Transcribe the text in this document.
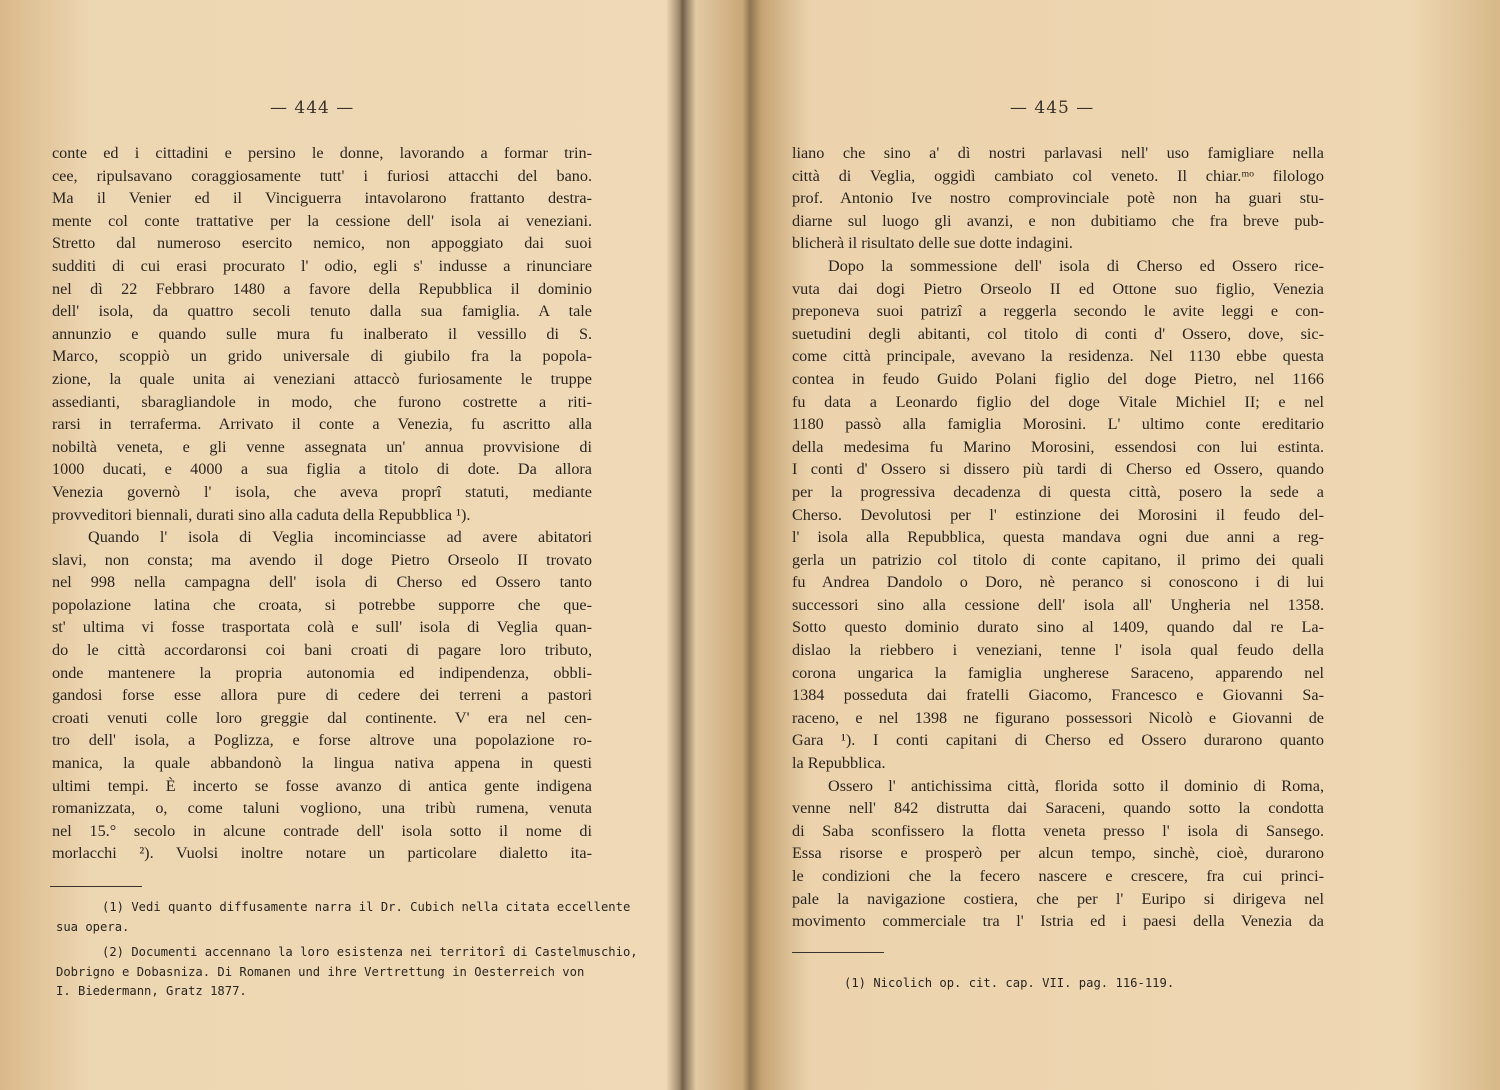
— 444 —
conte ed i cittadini e persino le donne, lavorando a formar trin-
cee, ripulsavano coraggiosamente tutt' i furiosi attacchi del bano.
Ma il Venier ed il Vinciguerra intavolarono frattanto destra-
mente col conte trattative per la cessione dell' isola ai veneziani.
Stretto dal numeroso esercito nemico, non appoggiato dai suoi
sudditi di cui erasi procurato l' odio, egli s' indusse a rinunciare
nel dì 22 Febbraro 1480 a favore della Repubblica il dominio
dell' isola, da quattro secoli tenuto dalla sua famiglia. A tale
annunzio e quando sulle mura fu inalberato il vessillo di S.
Marco, scoppiò un grido universale di giubilo fra la popola-
zione, la quale unita ai veneziani attaccò furiosamente le truppe
assedianti, sbaragliandole in modo, che furono costrette a riti-
rarsi in terraferma. Arrivato il conte a Venezia, fu ascritto alla
nobiltà veneta, e gli venne assegnata un' annua provvisione di
1000 ducati, e 4000 a sua figlia a titolo di dote. Da allora
Venezia governò l' isola, che aveva proprî statuti, mediante
provveditori biennali, durati sino alla caduta della Repubblica ¹).
Quando l' isola di Veglia incominciasse ad avere abitatori
slavi, non consta; ma avendo il doge Pietro Orseolo II trovato
nel 998 nella campagna dell' isola di Cherso ed Ossero tanto
popolazione latina che croata, si potrebbe supporre che que-
st' ultima vi fosse trasportata colà e sull' isola di Veglia quan-
do le città accordaronsi coi bani croati di pagare loro tributo,
onde mantenere la propria autonomia ed indipendenza, obbli-
gandosi forse esse allora pure di cedere dei terreni a pastori
croati venuti colle loro greggie dal continente. V' era nel cen-
tro dell' isola, a Poglizza, e forse altrove una popolazione ro-
manica, la quale abbandonò la lingua nativa appena in questi
ultimi tempi. È incerto se fosse avanzo di antica gente indigena
romanizzata, o, come taluni vogliono, una tribù rumena, venuta
nel 15.° secolo in alcune contrade dell' isola sotto il nome di
morlacchi ²). Vuolsi inoltre notare un particolare dialetto ita-
(1) Vedi quanto diffusamente narra il Dr. Cubich nella citata eccellente
sua opera.
(2) Documenti accennano la loro esistenza nei territorî di Castelmuschio,
Dobrigno e Dobasniza. Di Romanen und ihre Vertrettung in Oesterreich von
I. Biedermann, Gratz 1877.
— 445 —
liano che sino a' dì nostri parlavasi nell' uso famigliare nella
città di Veglia, oggidì cambiato col veneto. Il chiar.ᵐᵒ filologo
prof. Antonio Ive nostro comprovinciale potè non ha guari stu-
diarne sul luogo gli avanzi, e non dubitiamo che fra breve pub-
blicherà il risultato delle sue dotte indagini.
Dopo la sommessione dell' isola di Cherso ed Ossero rice-
vuta dai dogi Pietro Orseolo II ed Ottone suo figlio, Venezia
preponeva suoi patrizî a reggerla secondo le avite leggi e con-
suetudini degli abitanti, col titolo di conti d' Ossero, dove, sic-
come città principale, avevano la residenza. Nel 1130 ebbe questa
contea in feudo Guido Polani figlio del doge Pietro, nel 1166
fu data a Leonardo figlio del doge Vitale Michiel II; e nel
1180 passò alla famiglia Morosini. L' ultimo conte ereditario
della medesima fu Marino Morosini, essendosi con lui estinta.
I conti d' Ossero si dissero più tardi di Cherso ed Ossero, quando
per la progressiva decadenza di questa città, posero la sede a
Cherso. Devolutosi per l' estinzione dei Morosini il feudo del-
l' isola alla Repubblica, questa mandava ogni due anni a reg-
gerla un patrizio col titolo di conte capitano, il primo dei quali
fu Andrea Dandolo o Doro, nè peranco si conoscono i di lui
successori sino alla cessione dell' isola all' Ungheria nel 1358.
Sotto questo dominio durato sino al 1409, quando dal re La-
dislao la riebbero i veneziani, tenne l' isola qual feudo della
corona ungarica la famiglia ungherese Saraceno, apparendo nel
1384 posseduta dai fratelli Giacomo, Francesco e Giovanni Sa-
raceno, e nel 1398 ne figurano possessori Nicolò e Giovanni de
Gara ¹). I conti capitani di Cherso ed Ossero durarono quanto
la Repubblica.
Ossero l' antichissima città, florida sotto il dominio di Roma,
venne nell' 842 distrutta dai Saraceni, quando sotto la condotta
di Saba sconfissero la flotta veneta presso l' isola di Sansego.
Essa risorse e prosperò per alcun tempo, sinchè, cioè, durarono
le condizioni che la fecero nascere e crescere, fra cui princi-
pale la navigazione costiera, che per l' Euripo si dirigeva nel
movimento commerciale tra l' Istria ed i paesi della Venezia da
(1) Nicolich op. cit. cap. VII. pag. 116-119.
